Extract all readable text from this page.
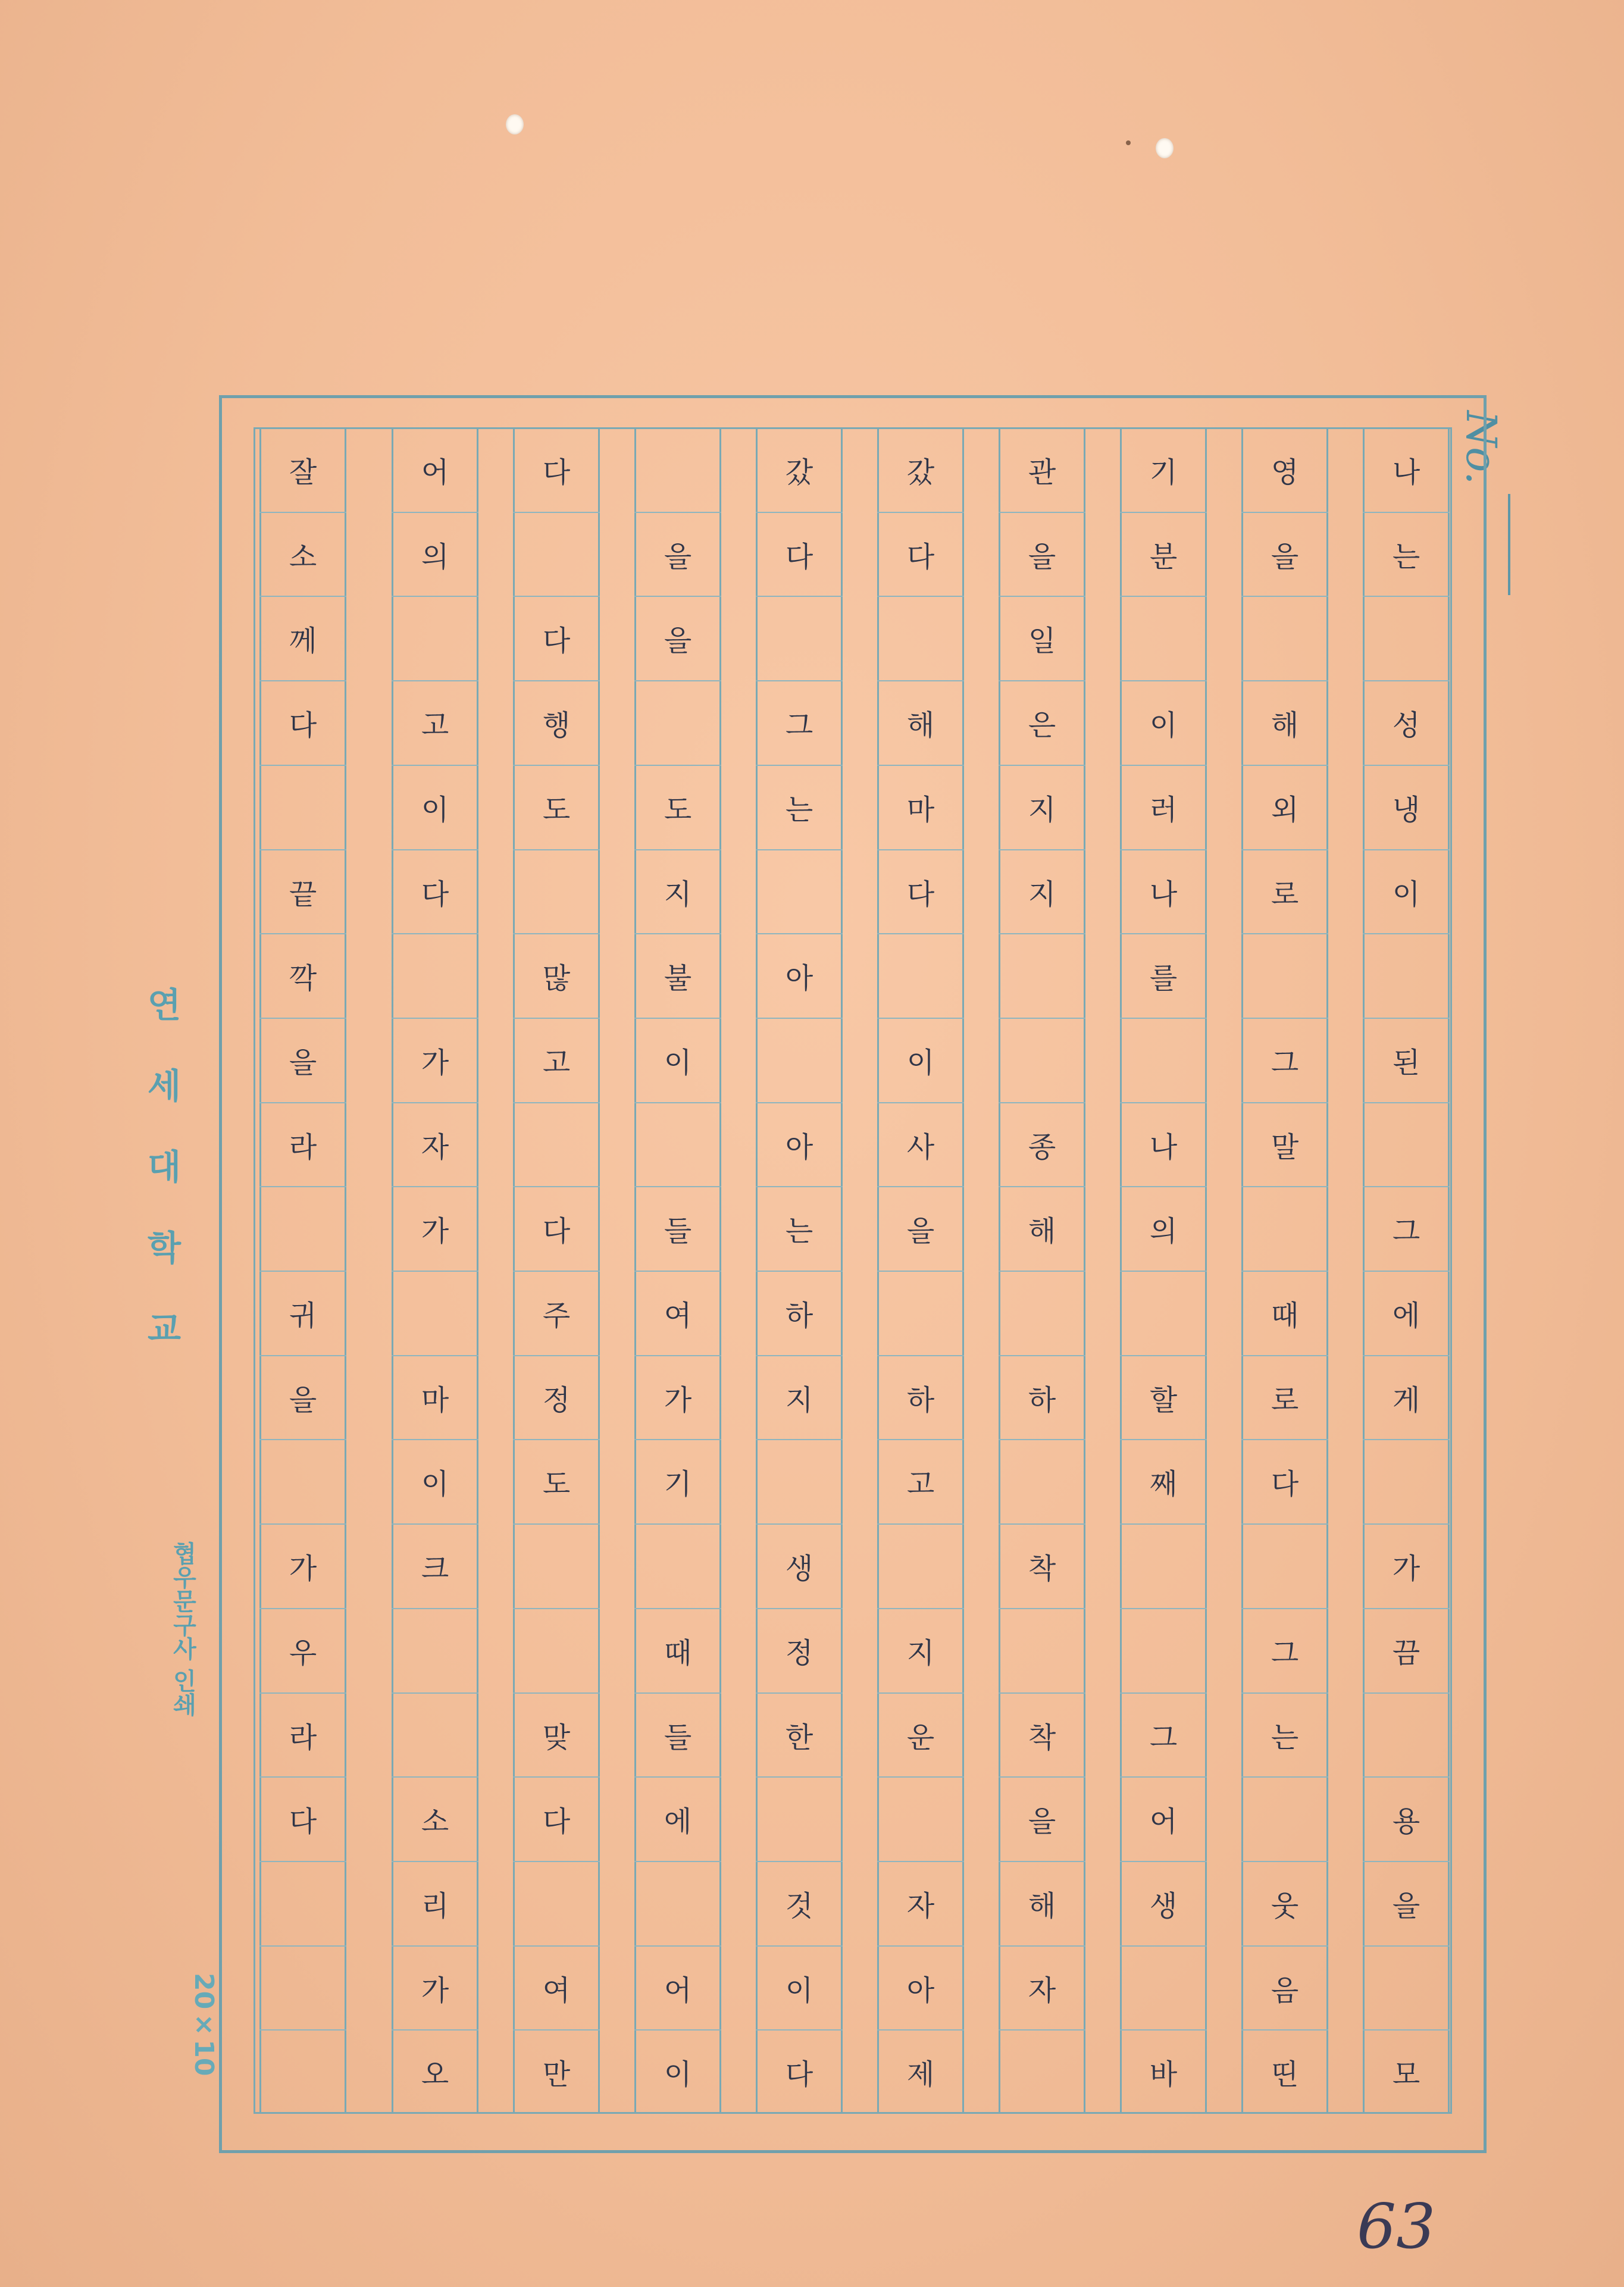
No.
연
세
대
학
교
협우문구사 인쇄
20×10
나
는
성
냉
이
된
그
에
게
가
끔
용
을
모
영
을
해
외
로
그
말
때
로
다
그
는
웃
음
띤
기
분
이
러
나
를
나
의
할
째
그
어
생
바
관
을
일
은
지
지
종
해
하
착
착
을
해
자
갔
다
해
마
다
이
사
을
하
고
지
운
자
아
제
갔
다
그
는
아
아
는
하
지
생
정
한
것
이
다
을
을
도
지
불
이
들
여
가
기
때
들
에
어
이
다
다
행
도
많
고
다
주
정
도
맞
다
여
만
어
의
고
이
다
가
자
가
마
이
크
소
리
가
오
잘
소
께
다
끝
깍
을
라
귀
을
가
우
라
다
63
